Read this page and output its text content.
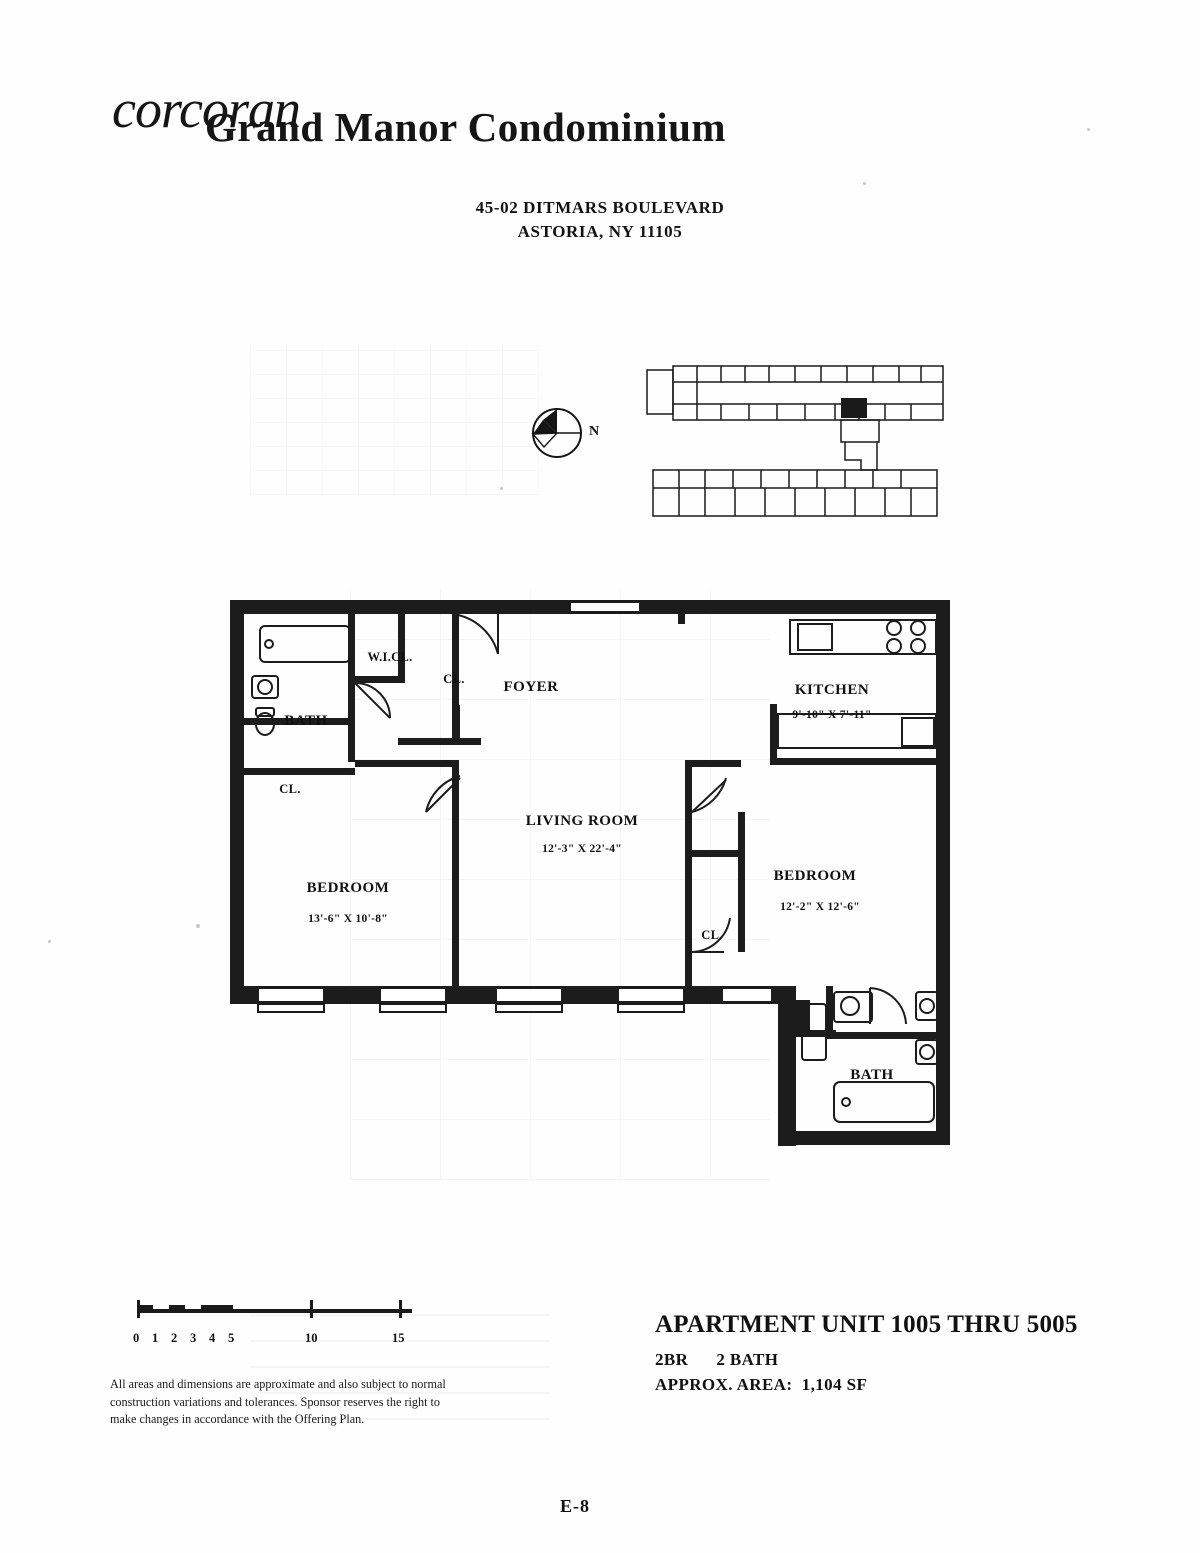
corcoran
Grand Manor Condominium
45-02 DITMARS BOULEVARD
ASTORIA, NY 11105
N
LIVING ROOM
12'-3" X 22'-4"
BEDROOM
13'-6" X 10'-8"
BEDROOM
12'-2" X 12'-6"
KITCHEN
9'-10" X 7'-11"
BATH
BATH
FOYER
W.I.CL.
CL.
CL.
CL.
0 1 2 3 4 5	10	15
All areas and dimensions are approximate and also subject to normal construction variations and tolerances. Sponsor reserves the right to make changes in accordance with the Offering Plan.
APARTMENT UNIT 1005 THRU 5005
2BR 2 BATH
APPROX. AREA: 1,104 SF
E-8
